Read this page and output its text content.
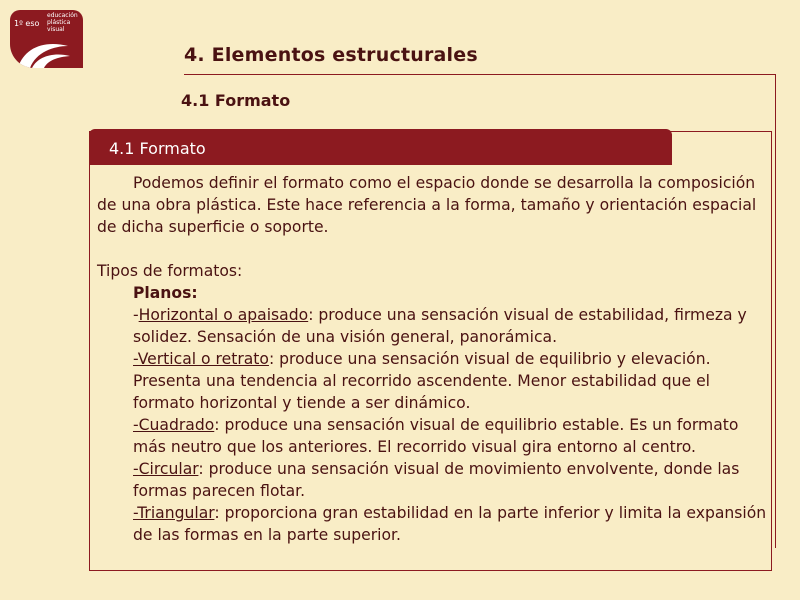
1º eso
educación
plástica
visual
4. Elementos estructurales
4.1 Formato
4.1 Formato

Podemos definir el formato como el espacio donde se desarrolla la composición de una obra plástica. Este hace referencia a la forma, tamaño y orientación espacial de dicha superficie o soporte.

Tipos de formatos:

Planos:

-Horizontal o apaisado: produce una sensación visual de estabilidad, firmeza y solidez. Sensación de una visión general, panorámica.

-Vertical o retrato: produce una sensación visual de equilibrio y elevación. Presenta una tendencia al recorrido ascendente. Menor estabilidad que el formato horizontal y tiende a ser dinámico.

-Cuadrado: produce una sensación visual de equilibrio estable. Es un formato más neutro que los anteriores. El recorrido visual gira entorno al centro.

-Circular: produce una sensación visual de movimiento envolvente, donde las formas parecen flotar.

-Triangular: proporciona gran estabilidad en la parte inferior y limita la expansión de las formas en la parte superior.
